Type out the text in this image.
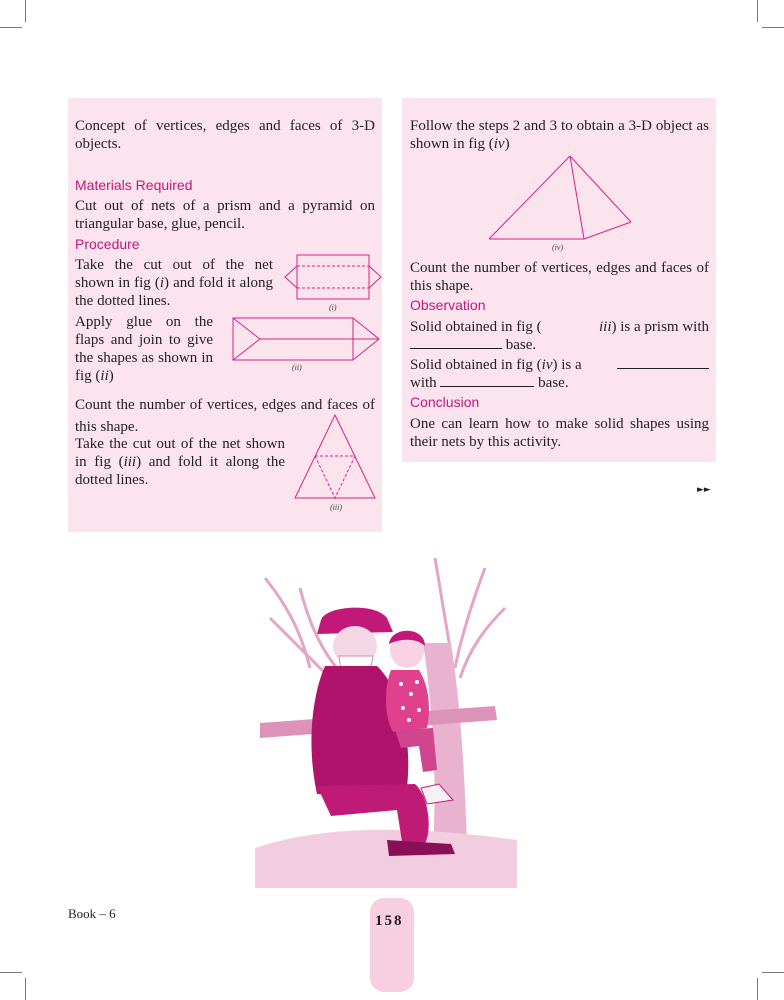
Concept of vertices, edges and faces of 3-D objects.

Materials Required

Cut out of nets of a prism and a pyramid on triangular base, glue, pencil.

Procedure

Take the cut out of the net shown in fig (i) and fold it along the dotted lines.	(i)

Apply glue on the flaps and join to give the shapes as shown in fig (ii)

(ii)

Count the number of vertices, edges and faces of this shape.

Take the cut out of the net shown in fig (iii) and fold it along the dotted lines.

(iii)

Follow the steps 2 and 3 to obtain a 3-D object as shown in fig (iv)

(iv)

Count the number of vertices, edges and faces of this shape.

Observation

Solid obtained in fig (	iii) is a prism with
base.
Solid obtained in fig ( iv ) is a
with	base.

Conclusion

One can learn how to make solid shapes using their nets by this activity.

►►
Book – 6	158
